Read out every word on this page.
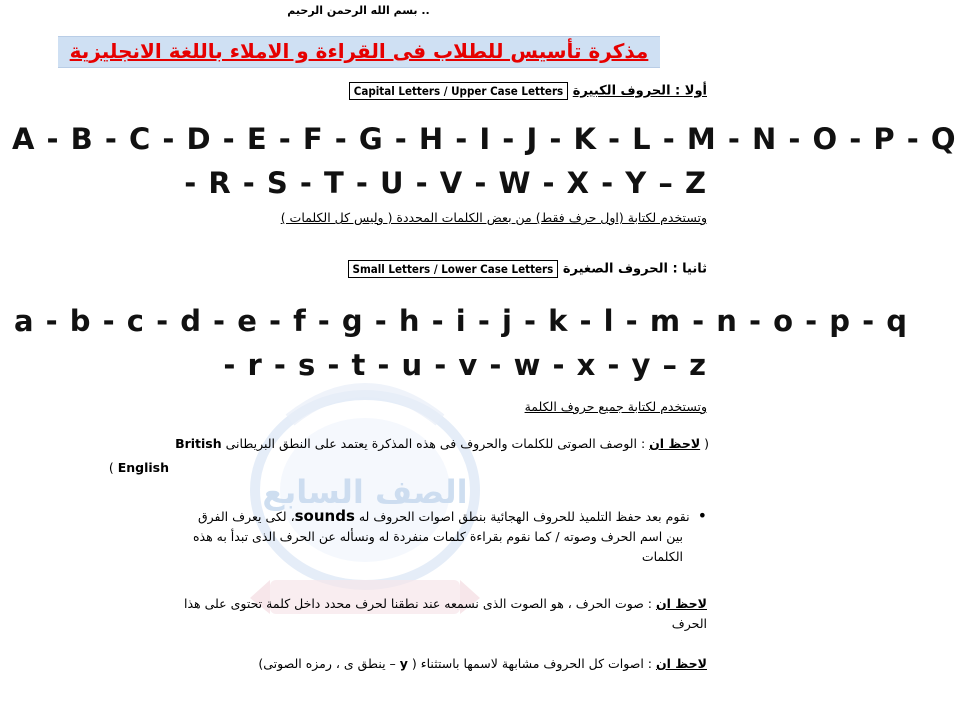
الصف السابع
.. بسم الله الرحمن الرحيم
مذكرة تأسيس للطلاب فى القراءة و الاملاء باللغة الانجليزية
أولا : الحروف الكبيرة Capital Letters / Upper Case Letters
A - B - C - D - E - F - G - H - I - J - K - L - M - N - O - P - Q
- R - S - T - U - V - W - X - Y – Z
وتستخدم لكتابة (اول حرف فقط) من بعض الكلمات المحددة ( وليس كل الكلمات )
ثانيا : الحروف الصغيرة Small Letters / Lower Case Letters
a - b - c - d - e - f - g - h - i - j - k - l - m - n - o - p - q
- r - s - t - u - v - w - x - y – z
وتستخدم لكتابة جميع حروف الكلمة
( لاحظ ان : الوصف الصوتى للكلمات والحروف فى هذه المذكرة يعتمد على النطق البريطانى British
English )
•  نقوم بعد حفظ التلميذ للحروف الهجائية بنطق اصوات الحروف له sounds، لكى يعرف الفرق
بين اسم الحرف وصوته / كما نقوم بقراءة كلمات منفردة له ونسأله عن الحرف الذى تبدأ به هذه
الكلمات
لاحظ ان : صوت الحرف ، هو الصوت الذى نسمعه عند نطقنا لحرف محدد داخل كلمة تحتوى على هذا
الحرف
لاحظ ان : اصوات كل الحروف مشابهة لاسمها باستثناء ( y – ينطق ى ، رمزه الصوتى)
